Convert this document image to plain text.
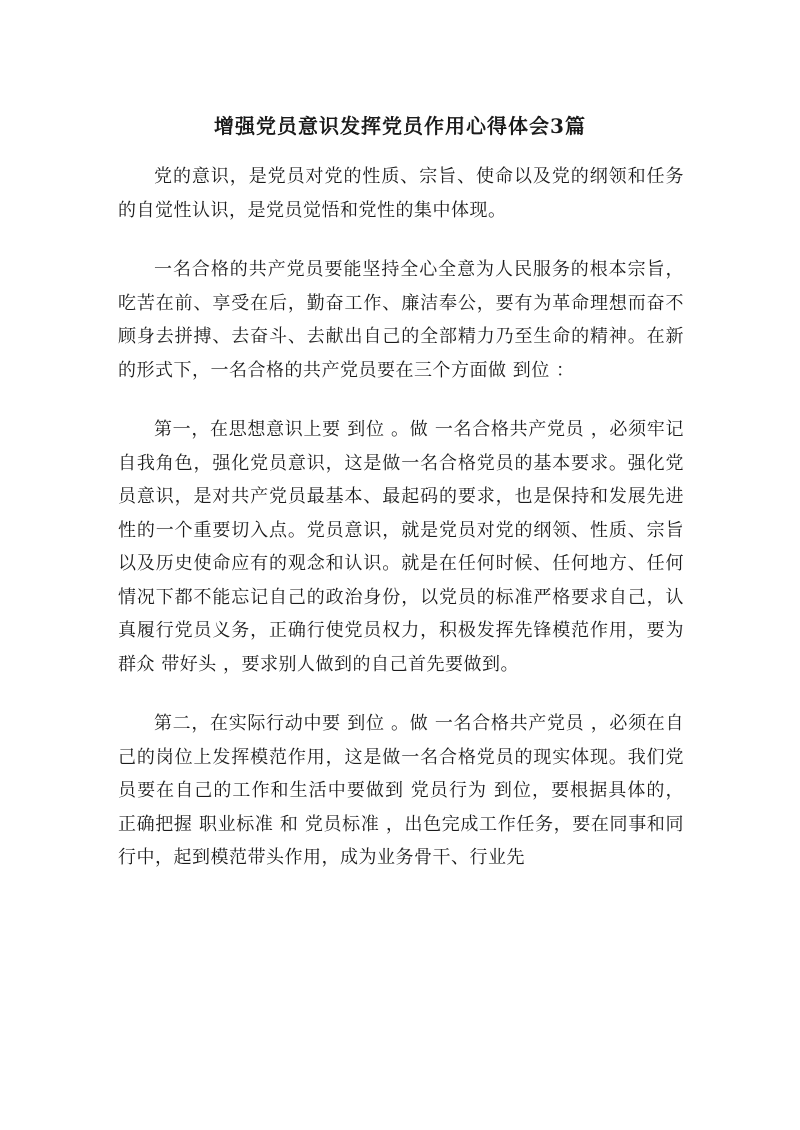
增强党员意识发挥党员作用心得体会3篇

党的意识，是党员对党的性质、宗旨、使命以及党的纲领和任务的自觉性认识，是党员觉悟和党性的集中体现。

一名合格的共产党员要能坚持全心全意为人民服务的根本宗旨，吃苦在前、享受在后，勤奋工作、廉洁奉公，要有为革命理想而奋不顾身去拼搏、去奋斗、去献出自己的全部精力乃至生命的精神。在新的形式下，一名合格的共产党员要在三个方面做 到位 ：

第一，在思想意识上要 到位 。做 一名合格共产党员 ，必须牢记自我角色，强化党员意识，这是做一名合格党员的基本要求。强化党员意识，是对共产党员最基本、最起码的要求，也是保持和发展先进性的一个重要切入点。党员意识，就是党员对党的纲领、性质、宗旨以及历史使命应有的观念和认识。就是在任何时候、任何地方、任何情况下都不能忘记自己的政治身份，以党员的标准严格要求自己，认真履行党员义务，正确行使党员权力，积极发挥先锋模范作用，要为群众 带好头 ，要求别人做到的自己首先要做到。

第二，在实际行动中要 到位 。做 一名合格共产党员 ，必须在自己的岗位上发挥模范作用，这是做一名合格党员的现实体现。我们党员要在自己的工作和生活中要做到 党员行为 到位，要根据具体的，正确把握 职业标准 和 党员标准 ，出色完成工作任务，要在同事和同行中，起到模范带头作用，成为业务骨干、行业先
